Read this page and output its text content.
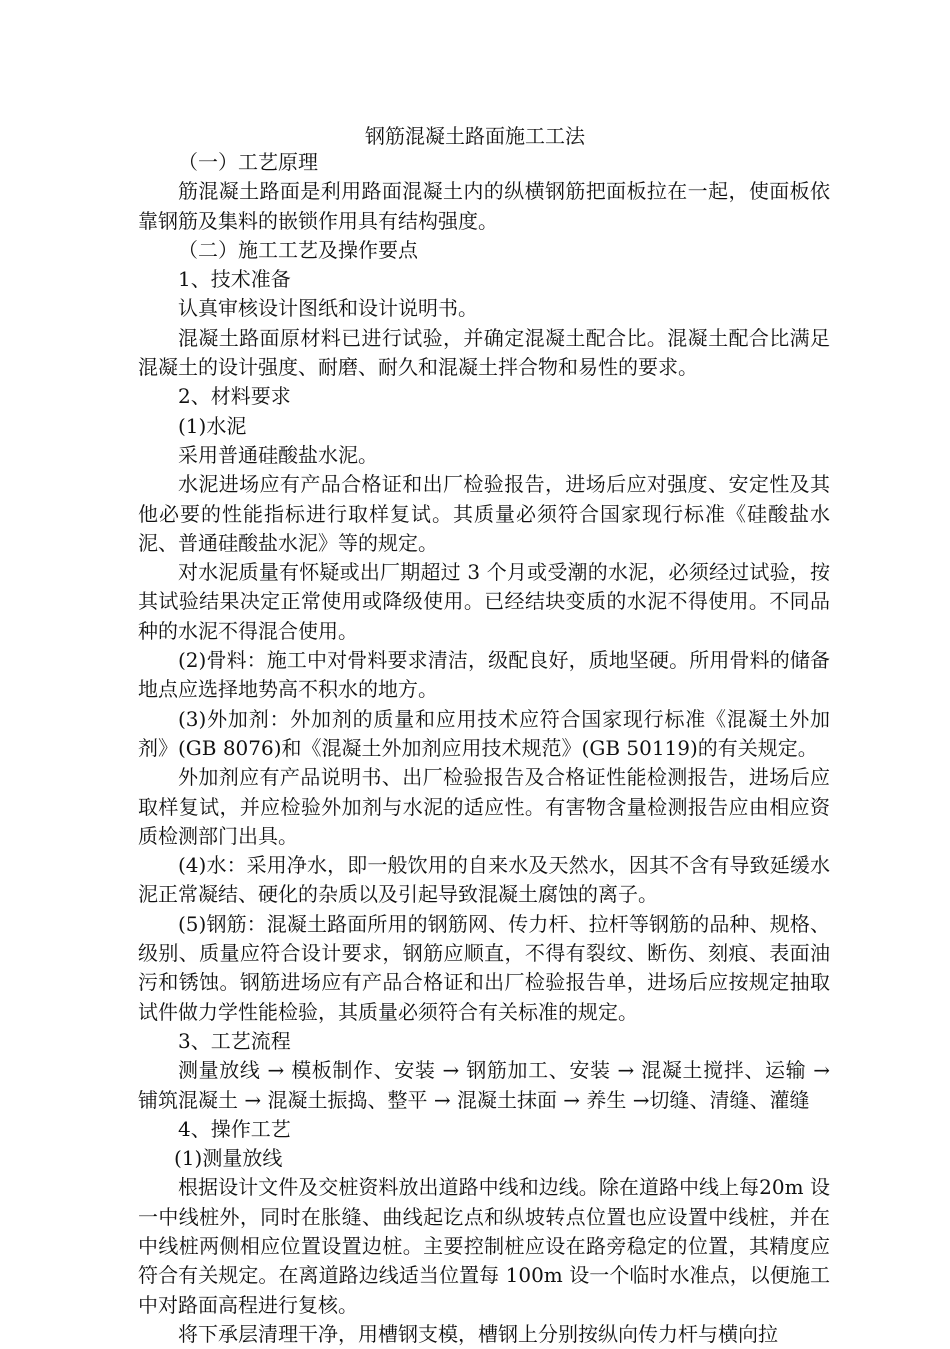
钢筋混凝土路面施工工法

（一）工艺原理

筋混凝土路面是利用路面混凝土内的纵横钢筋把面板拉在一起，使面板依靠钢筋及集料的嵌锁作用具有结构强度。

（二）施工工艺及操作要点

1、技术准备

认真审核设计图纸和设计说明书。

混凝土路面原材料已进行试验，并确定混凝土配合比。混凝土配合比满足混凝土的设计强度、耐磨、耐久和混凝土拌合物和易性的要求。

2、材料要求

(1)水泥

采用普通硅酸盐水泥。

水泥进场应有产品合格证和出厂检验报告，进场后应对强度、安定性及其他必要的性能指标进行取样复试。其质量必须符合国家现行标准《硅酸盐水泥、普通硅酸盐水泥》等的规定。

对水泥质量有怀疑或出厂期超过 3 个月或受潮的水泥，必须经过试验，按其试验结果决定正常使用或降级使用。已经结块变质的水泥不得使用。不同品种的水泥不得混合使用。

(2)骨料：施工中对骨料要求清洁，级配良好，质地坚硬。所用骨料的储备地点应选择地势高不积水的地方。

(3)外加剂：外加剂的质量和应用技术应符合国家现行标准《混凝土外加剂》(GB 8076)和《混凝土外加剂应用技术规范》(GB 50119)的有关规定。

外加剂应有产品说明书、出厂检验报告及合格证性能检测报告，进场后应取样复试，并应检验外加剂与水泥的适应性。有害物含量检测报告应由相应资质检测部门出具。

(4)水：采用净水，即一般饮用的自来水及天然水，因其不含有导致延缓水泥正常凝结、硬化的杂质以及引起导致混凝土腐蚀的离子。

(5)钢筋：混凝土路面所用的钢筋网、传力杆、拉杆等钢筋的品种、规格、级别、质量应符合设计要求，钢筋应顺直，不得有裂纹、断伤、刻痕、表面油污和锈蚀。钢筋进场应有产品合格证和出厂检验报告单，进场后应按规定抽取试件做力学性能检验，其质量必须符合有关标准的规定。

3、工艺流程

测量放线 → 模板制作、安装 → 钢筋加工、安装 → 混凝土搅拌、运输 → 铺筑混凝土 → 混凝土振捣、整平 → 混凝土抹面 → 养生 →切缝、清缝、灌缝

4、操作工艺

(1)测量放线

根据设计文件及交桩资料放出道路中线和边线。除在道路中线上每20m 设一中线桩外，同时在胀缝、曲线起讫点和纵坡转点位置也应设置中线桩，并在中线桩两侧相应位置设置边桩。主要控制桩应设在路旁稳定的位置，其精度应符合有关规定。在离道路边线适当位置每 100m 设一个临时水准点，以便施工中对路面高程进行复核。

将下承层清理干净，用槽钢支模，槽钢上分别按纵向传力杆与横向拉
